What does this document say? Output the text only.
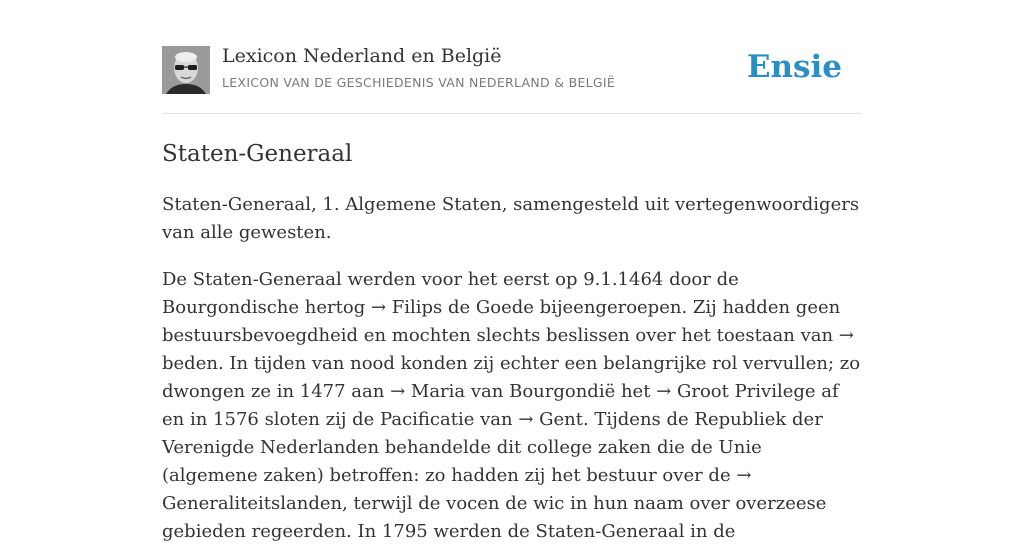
Lexicon Nederland en België
LEXICON VAN DE GESCHIEDENIS VAN NEDERLAND & BELGIË	Ensie
Staten-Generaal

Staten-Generaal, 1. Algemene Staten, samengesteld uit vertegenwoordigers van alle gewesten.

De Staten-Generaal werden voor het eerst op 9.1.1464 door de Bourgondische hertog → Filips de Goede bijeengeroepen. Zij hadden geen bestuursbevoegdheid en mochten slechts beslissen over het toestaan van → beden. In tijden van nood konden zij echter een belangrijke rol vervullen; zo dwongen ze in 1477 aan → Maria van Bourgondië het → Groot Privilege af en in 1576 sloten zij de Pacificatie van → Gent. Tijdens de Republiek der Verenigde Nederlanden behandelde dit college zaken die de Unie (algemene zaken) betroffen: zo hadden zij het bestuur over de → Generaliteitslanden, terwijl de vocen de wic in hun naam over overzeese gebieden regeerden. In 1795 werden de Staten-Generaal in de
